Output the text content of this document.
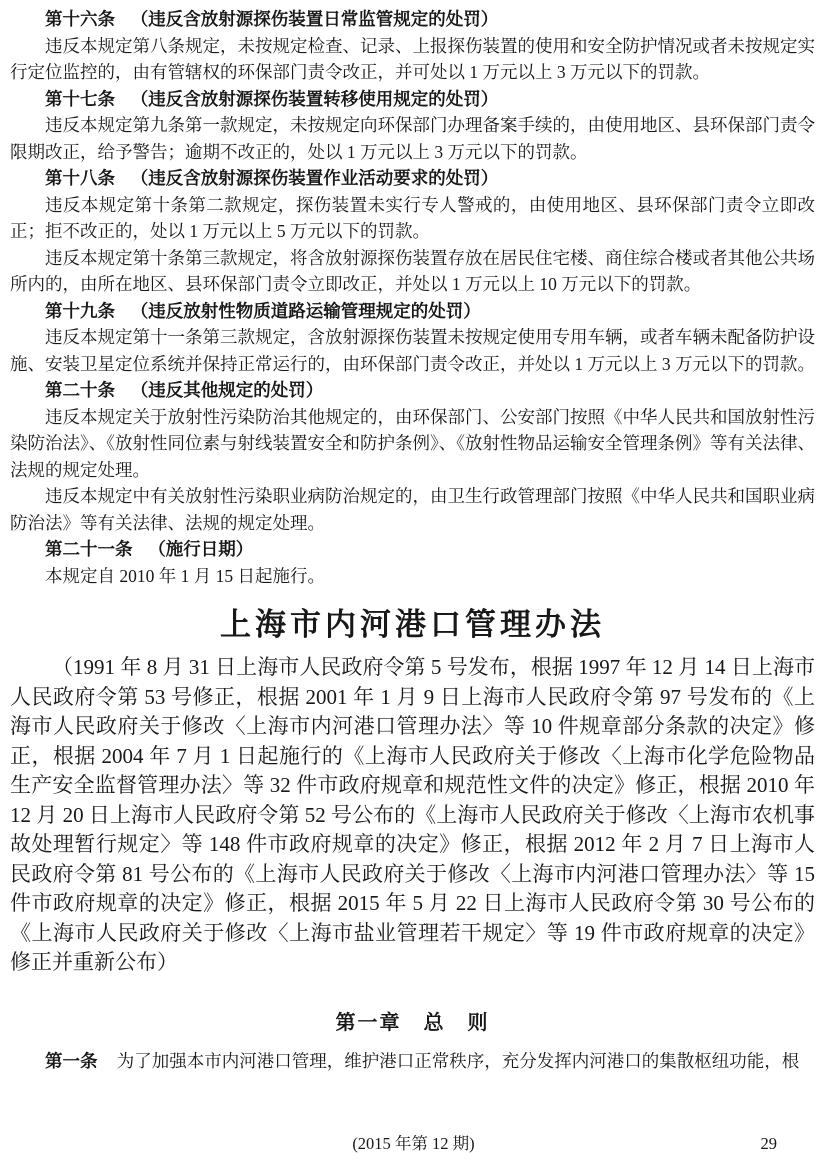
第十六条 （违反含放射源探伤装置日常监管规定的处罚）

违反本规定第八条规定，未按规定检查、记录、上报探伤装置的使用和安全防护情况或者未按规定实行定位监控的，由有管辖权的环保部门责令改正，并可处以 1 万元以上 3 万元以下的罚款。

第十七条 （违反含放射源探伤装置转移使用规定的处罚）

违反本规定第九条第一款规定，未按规定向环保部门办理备案手续的，由使用地区、县环保部门责令限期改正，给予警告；逾期不改正的，处以 1 万元以上 3 万元以下的罚款。

第十八条 （违反含放射源探伤装置作业活动要求的处罚）

违反本规定第十条第二款规定，探伤装置未实行专人警戒的，由使用地区、县环保部门责令立即改正；拒不改正的，处以 1 万元以上 5 万元以下的罚款。

违反本规定第十条第三款规定，将含放射源探伤装置存放在居民住宅楼、商住综合楼或者其他公共场所内的，由所在地区、县环保部门责令立即改正，并处以 1 万元以上 10 万元以下的罚款。

第十九条 （违反放射性物质道路运输管理规定的处罚）

违反本规定第十一条第三款规定，含放射源探伤装置未按规定使用专用车辆，或者车辆未配备防护设施、安装卫星定位系统并保持正常运行的，由环保部门责令改正，并处以 1 万元以上 3 万元以下的罚款。

第二十条 （违反其他规定的处罚）

违反本规定关于放射性污染防治其他规定的，由环保部门、公安部门按照《中华人民共和国放射性污染防治法》、《放射性同位素与射线装置安全和防护条例》、《放射性物品运输安全管理条例》等有关法律、法规的规定处理。

违反本规定中有关放射性污染职业病防治规定的，由卫生行政管理部门按照《中华人民共和国职业病防治法》等有关法律、法规的规定处理。

第二十一条 （施行日期）

本规定自 2010 年 1 月 15 日起施行。

上海市内河港口管理办法

（1991 年 8 月 31 日上海市人民政府令第 5 号发布，根据 1997 年 12 月 14 日上海市人民政府令第 53 号修正，根据 2001 年 1 月 9 日上海市人民政府令第 97 号发布的《上海市人民政府关于修改〈上海市内河港口管理办法〉等 10 件规章部分条款的决定》修正，根据 2004 年 7 月 1 日起施行的《上海市人民政府关于修改〈上海市化学危险物品生产安全监督管理办法〉等 32 件市政府规章和规范性文件的决定》修正，根据 2010 年 12 月 20 日上海市人民政府令第 52 号公布的《上海市人民政府关于修改〈上海市农机事故处理暂行规定〉等 148 件市政府规章的决定》修正，根据 2012 年 2 月 7 日上海市人民政府令第 81 号公布的《上海市人民政府关于修改〈上海市内河港口管理办法〉等 15 件市政府规章的决定》修正，根据 2015 年 5 月 22 日上海市人民政府令第 30 号公布的《上海市人民政府关于修改〈上海市盐业管理若干规定〉等 19 件市政府规章的决定》修正并重新公布）

第一章　总　则

第一条 为了加强本市内河港口管理，维护港口正常秩序，充分发挥内河港口的集散枢纽功能，根

(2015 年第 12 期)	29
